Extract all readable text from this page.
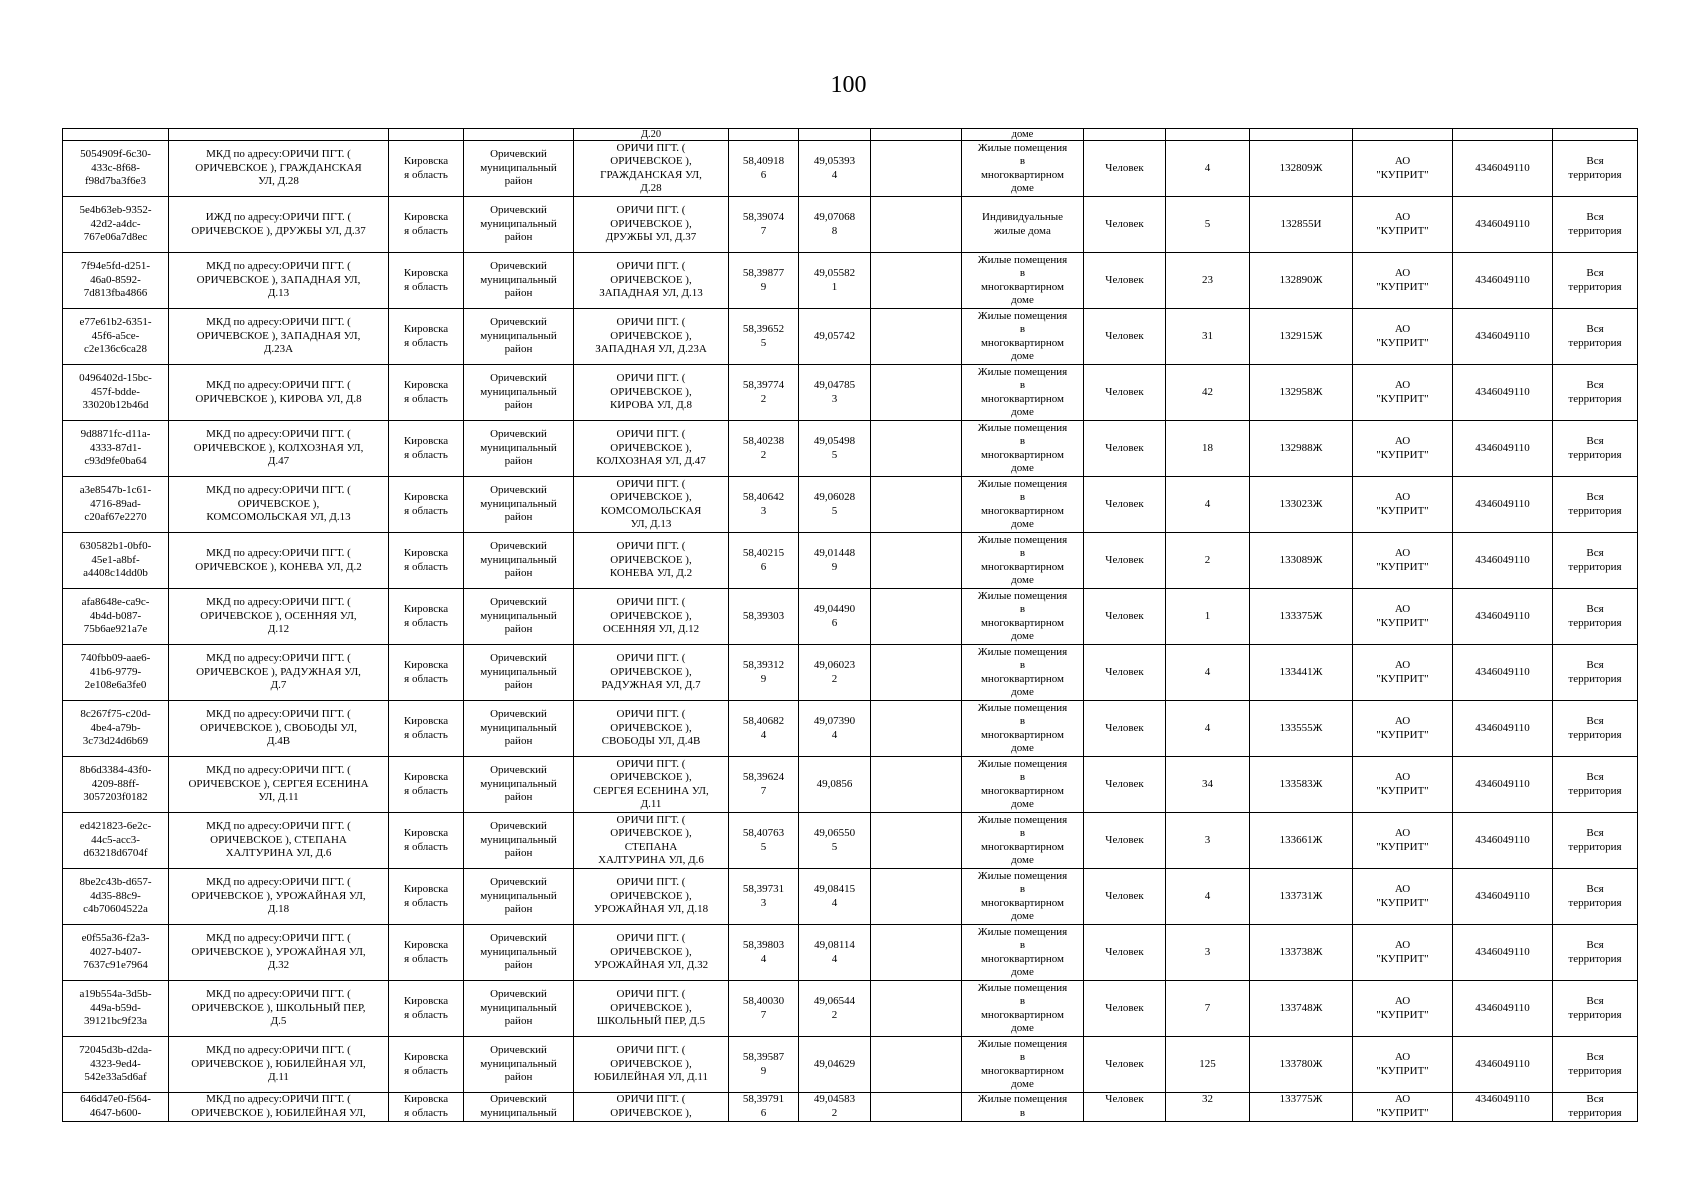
100
				Д.20				доме						
5054909f-6c30-
433c-8f68-
f98d7ba3f6e3	МКД по адресу:ОРИЧИ ПГТ. (
ОРИЧЕВСКОЕ ), ГРАЖДАНСКАЯ
УЛ, Д.28	Кировска
я область	Оричевский
муниципальный
район	ОРИЧИ ПГТ. (
ОРИЧЕВСКОЕ ),
ГРАЖДАНСКАЯ УЛ,
Д.28	58,40918
6	49,05393
4		Жилые помещения
в
многоквартирном
доме	Человек	4	132809Ж	АО
"КУПРИТ"	4346049110	Вся
территория
5e4b63eb-9352-
42d2-a4dc-
767e06a7d8ec	ИЖД по адресу:ОРИЧИ ПГТ. (
ОРИЧЕВСКОЕ ), ДРУЖБЫ УЛ, Д.37	Кировска
я область	Оричевский
муниципальный
район	ОРИЧИ ПГТ. (
ОРИЧЕВСКОЕ ),
ДРУЖБЫ УЛ, Д.37	58,39074
7	49,07068
8		Индивидуальные
жилые дома	Человек	5	132855И	АО
"КУПРИТ"	4346049110	Вся
территория
7f94e5fd-d251-
46a0-8592-
7d813fba4866	МКД по адресу:ОРИЧИ ПГТ. (
ОРИЧЕВСКОЕ ), ЗАПАДНАЯ УЛ,
Д.13	Кировска
я область	Оричевский
муниципальный
район	ОРИЧИ ПГТ. (
ОРИЧЕВСКОЕ ),
ЗАПАДНАЯ УЛ, Д.13	58,39877
9	49,05582
1		Жилые помещения
в
многоквартирном
доме	Человек	23	132890Ж	АО
"КУПРИТ"	4346049110	Вся
территория
e77e61b2-6351-
45f6-a5ce-
c2e136c6ca28	МКД по адресу:ОРИЧИ ПГТ. (
ОРИЧЕВСКОЕ ), ЗАПАДНАЯ УЛ,
Д.23А	Кировска
я область	Оричевский
муниципальный
район	ОРИЧИ ПГТ. (
ОРИЧЕВСКОЕ ),
ЗАПАДНАЯ УЛ, Д.23А	58,39652
5	49,05742		Жилые помещения
в
многоквартирном
доме	Человек	31	132915Ж	АО
"КУПРИТ"	4346049110	Вся
территория
0496402d-15bc-
457f-bdde-
33020b12b46d	МКД по адресу:ОРИЧИ ПГТ. (
ОРИЧЕВСКОЕ ), КИРОВА УЛ, Д.8	Кировска
я область	Оричевский
муниципальный
район	ОРИЧИ ПГТ. (
ОРИЧЕВСКОЕ ),
КИРОВА УЛ, Д.8	58,39774
2	49,04785
3		Жилые помещения
в
многоквартирном
доме	Человек	42	132958Ж	АО
"КУПРИТ"	4346049110	Вся
территория
9d8871fc-d11a-
4333-87d1-
c93d9fe0ba64	МКД по адресу:ОРИЧИ ПГТ. (
ОРИЧЕВСКОЕ ), КОЛХОЗНАЯ УЛ,
Д.47	Кировска
я область	Оричевский
муниципальный
район	ОРИЧИ ПГТ. (
ОРИЧЕВСКОЕ ),
КОЛХОЗНАЯ УЛ, Д.47	58,40238
2	49,05498
5		Жилые помещения
в
многоквартирном
доме	Человек	18	132988Ж	АО
"КУПРИТ"	4346049110	Вся
территория
a3e8547b-1c61-
4716-89ad-
c20af67e2270	МКД по адресу:ОРИЧИ ПГТ. (
ОРИЧЕВСКОЕ ),
КОМСОМОЛЬСКАЯ УЛ, Д.13	Кировска
я область	Оричевский
муниципальный
район	ОРИЧИ ПГТ. (
ОРИЧЕВСКОЕ ),
КОМСОМОЛЬСКАЯ
УЛ, Д.13	58,40642
3	49,06028
5		Жилые помещения
в
многоквартирном
доме	Человек	4	133023Ж	АО
"КУПРИТ"	4346049110	Вся
территория
630582b1-0bf0-
45e1-a8bf-
a4408c14dd0b	МКД по адресу:ОРИЧИ ПГТ. (
ОРИЧЕВСКОЕ ), КОНЕВА УЛ, Д.2	Кировска
я область	Оричевский
муниципальный
район	ОРИЧИ ПГТ. (
ОРИЧЕВСКОЕ ),
КОНЕВА УЛ, Д.2	58,40215
6	49,01448
9		Жилые помещения
в
многоквартирном
доме	Человек	2	133089Ж	АО
"КУПРИТ"	4346049110	Вся
территория
afa8648e-ca9c-
4b4d-b087-
75b6ae921a7e	МКД по адресу:ОРИЧИ ПГТ. (
ОРИЧЕВСКОЕ ), ОСЕННЯЯ УЛ,
Д.12	Кировска
я область	Оричевский
муниципальный
район	ОРИЧИ ПГТ. (
ОРИЧЕВСКОЕ ),
ОСЕННЯЯ УЛ, Д.12	58,39303	49,04490
6		Жилые помещения
в
многоквартирном
доме	Человек	1	133375Ж	АО
"КУПРИТ"	4346049110	Вся
территория
740fbb09-aae6-
41b6-9779-
2e108e6a3fe0	МКД по адресу:ОРИЧИ ПГТ. (
ОРИЧЕВСКОЕ ), РАДУЖНАЯ УЛ,
Д.7	Кировска
я область	Оричевский
муниципальный
район	ОРИЧИ ПГТ. (
ОРИЧЕВСКОЕ ),
РАДУЖНАЯ УЛ, Д.7	58,39312
9	49,06023
2		Жилые помещения
в
многоквартирном
доме	Человек	4	133441Ж	АО
"КУПРИТ"	4346049110	Вся
территория
8c267f75-c20d-
4be4-a79b-
3c73d24d6b69	МКД по адресу:ОРИЧИ ПГТ. (
ОРИЧЕВСКОЕ ), СВОБОДЫ УЛ,
Д.4В	Кировска
я область	Оричевский
муниципальный
район	ОРИЧИ ПГТ. (
ОРИЧЕВСКОЕ ),
СВОБОДЫ УЛ, Д.4В	58,40682
4	49,07390
4		Жилые помещения
в
многоквартирном
доме	Человек	4	133555Ж	АО
"КУПРИТ"	4346049110	Вся
территория
8b6d3384-43f0-
4209-88ff-
3057203f0182	МКД по адресу:ОРИЧИ ПГТ. (
ОРИЧЕВСКОЕ ), СЕРГЕЯ ЕСЕНИНА
УЛ, Д.11	Кировска
я область	Оричевский
муниципальный
район	ОРИЧИ ПГТ. (
ОРИЧЕВСКОЕ ),
СЕРГЕЯ ЕСЕНИНА УЛ,
Д.11	58,39624
7	49,0856		Жилые помещения
в
многоквартирном
доме	Человек	34	133583Ж	АО
"КУПРИТ"	4346049110	Вся
территория
ed421823-6e2c-
44c5-acc3-
d63218d6704f	МКД по адресу:ОРИЧИ ПГТ. (
ОРИЧЕВСКОЕ ), СТЕПАНА
ХАЛТУРИНА УЛ, Д.6	Кировска
я область	Оричевский
муниципальный
район	ОРИЧИ ПГТ. (
ОРИЧЕВСКОЕ ),
СТЕПАНА
ХАЛТУРИНА УЛ, Д.6	58,40763
5	49,06550
5		Жилые помещения
в
многоквартирном
доме	Человек	3	133661Ж	АО
"КУПРИТ"	4346049110	Вся
территория
8be2c43b-d657-
4d35-88c9-
c4b70604522a	МКД по адресу:ОРИЧИ ПГТ. (
ОРИЧЕВСКОЕ ), УРОЖАЙНАЯ УЛ,
Д.18	Кировска
я область	Оричевский
муниципальный
район	ОРИЧИ ПГТ. (
ОРИЧЕВСКОЕ ),
УРОЖАЙНАЯ УЛ, Д.18	58,39731
3	49,08415
4		Жилые помещения
в
многоквартирном
доме	Человек	4	133731Ж	АО
"КУПРИТ"	4346049110	Вся
территория
e0f55a36-f2a3-
4027-b407-
7637c91e7964	МКД по адресу:ОРИЧИ ПГТ. (
ОРИЧЕВСКОЕ ), УРОЖАЙНАЯ УЛ,
Д.32	Кировска
я область	Оричевский
муниципальный
район	ОРИЧИ ПГТ. (
ОРИЧЕВСКОЕ ),
УРОЖАЙНАЯ УЛ, Д.32	58,39803
4	49,08114
4		Жилые помещения
в
многоквартирном
доме	Человек	3	133738Ж	АО
"КУПРИТ"	4346049110	Вся
территория
a19b554a-3d5b-
449a-b59d-
39121bc9f23a	МКД по адресу:ОРИЧИ ПГТ. (
ОРИЧЕВСКОЕ ), ШКОЛЬНЫЙ ПЕР,
Д.5	Кировска
я область	Оричевский
муниципальный
район	ОРИЧИ ПГТ. (
ОРИЧЕВСКОЕ ),
ШКОЛЬНЫЙ ПЕР, Д.5	58,40030
7	49,06544
2		Жилые помещения
в
многоквартирном
доме	Человек	7	133748Ж	АО
"КУПРИТ"	4346049110	Вся
территория
72045d3b-d2da-
4323-9ed4-
542e33a5d6af	МКД по адресу:ОРИЧИ ПГТ. (
ОРИЧЕВСКОЕ ), ЮБИЛЕЙНАЯ УЛ,
Д.11	Кировска
я область	Оричевский
муниципальный
район	ОРИЧИ ПГТ. (
ОРИЧЕВСКОЕ ),
ЮБИЛЕЙНАЯ УЛ, Д.11	58,39587
9	49,04629		Жилые помещения
в
многоквартирном
доме	Человек	125	133780Ж	АО
"КУПРИТ"	4346049110	Вся
территория
646d47e0-f564-
4647-b600-	МКД по адресу:ОРИЧИ ПГТ. (
ОРИЧЕВСКОЕ ), ЮБИЛЕЙНАЯ УЛ,	Кировска
я область	Оричевский
муниципальный	ОРИЧИ ПГТ. (
ОРИЧЕВСКОЕ ),	58,39791
6	49,04583
2		Жилые помещения
в	Человек	32	133775Ж	АО
"КУПРИТ"	4346049110	Вся
территория
